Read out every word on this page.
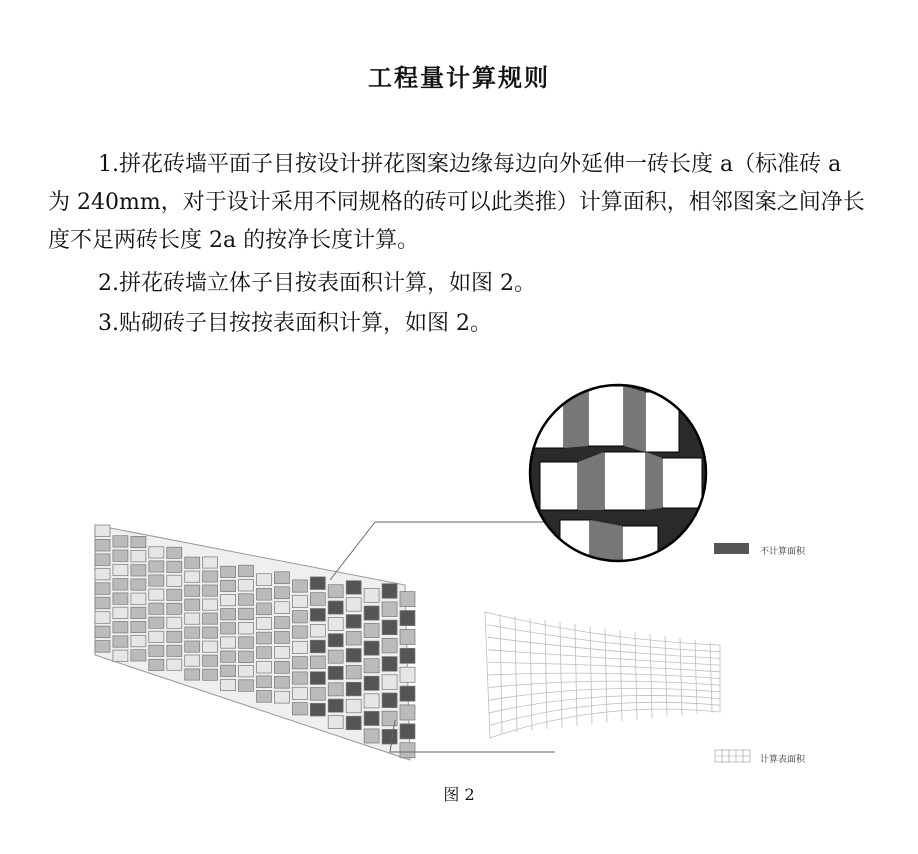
工程量计算规则
1.拼花砖墙平面子目按设计拼花图案边缘每边向外延伸一砖长度 a（标准砖 a 为 240mm，对于设计采用不同规格的砖可以此类推）计算面积，相邻图案之间净长度不足两砖长度 2a 的按净长度计算。
2.拼花砖墙立体子目按表面积计算，如图 2。
3.贴砌砖子目按按表面积计算，如图 2。
不计算面积
计算表面积
图 2
